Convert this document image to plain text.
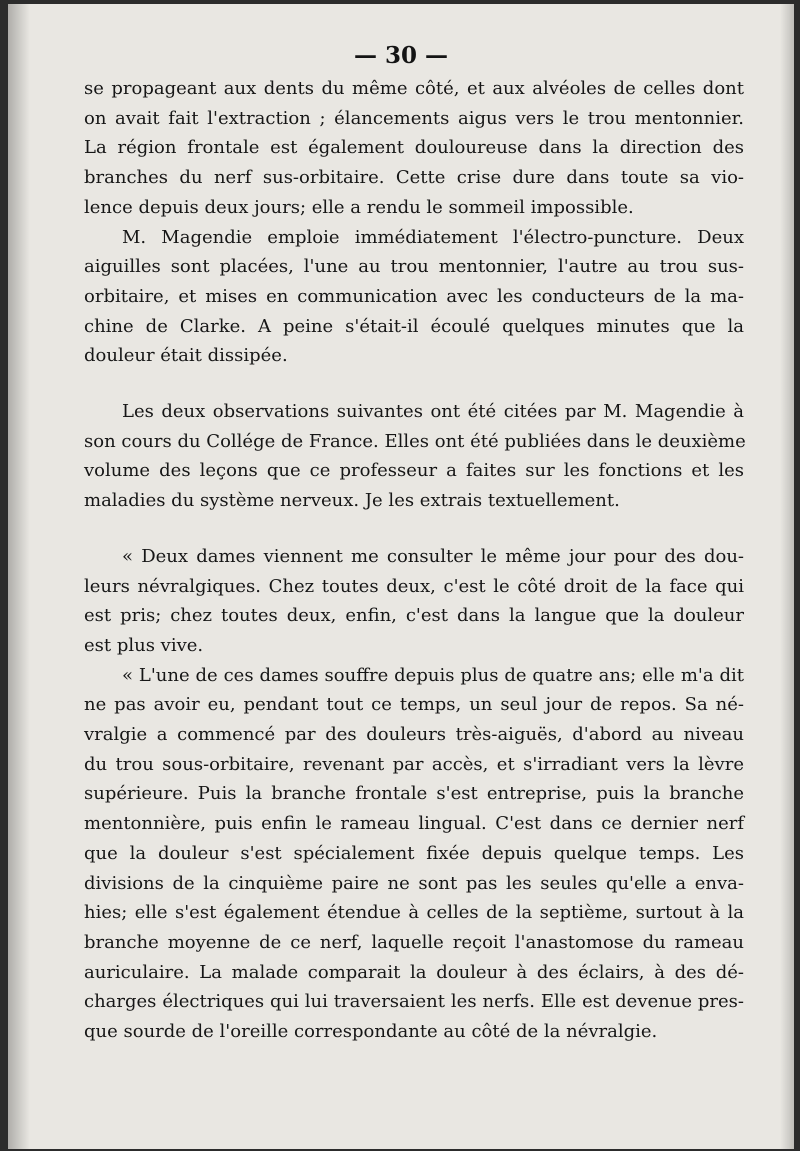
— 30 —
se propageant aux dents du même côté, et aux alvéoles de celles dont
on avait fait l'extraction ; élancements aigus vers le trou mentonnier.
La région frontale est également douloureuse dans la direction des
branches du nerf sus-orbitaire. Cette crise dure dans toute sa vio-
lence depuis deux jours; elle a rendu le sommeil impossible.
M. Magendie emploie immédiatement l'électro-puncture. Deux
aiguilles sont placées, l'une au trou mentonnier, l'autre au trou sus-
orbitaire, et mises en communication avec les conducteurs de la ma-
chine de Clarke. A peine s'était-il écoulé quelques minutes que la
douleur était dissipée.
Les deux observations suivantes ont été citées par M. Magendie à
son cours du Collége de France. Elles ont été publiées dans le deuxième
volume des leçons que ce professeur a faites sur les fonctions et les
maladies du système nerveux. Je les extrais textuellement.
« Deux dames viennent me consulter le même jour pour des dou-
leurs névralgiques. Chez toutes deux, c'est le côté droit de la face qui
est pris; chez toutes deux, enfin, c'est dans la langue que la douleur
est plus vive.
« L'une de ces dames souffre depuis plus de quatre ans; elle m'a dit
ne pas avoir eu, pendant tout ce temps, un seul jour de repos. Sa né-
vralgie a commencé par des douleurs très-aiguës, d'abord au niveau
du trou sous-orbitaire, revenant par accès, et s'irradiant vers la lèvre
supérieure. Puis la branche frontale s'est entreprise, puis la branche
mentonnière, puis enfin le rameau lingual. C'est dans ce dernier nerf
que la douleur s'est spécialement fixée depuis quelque temps. Les
divisions de la cinquième paire ne sont pas les seules qu'elle a enva-
hies; elle s'est également étendue à celles de la septième, surtout à la
branche moyenne de ce nerf, laquelle reçoit l'anastomose du rameau
auriculaire. La malade comparait la douleur à des éclairs, à des dé-
charges électriques qui lui traversaient les nerfs. Elle est devenue pres-
que sourde de l'oreille correspondante au côté de la névralgie.
